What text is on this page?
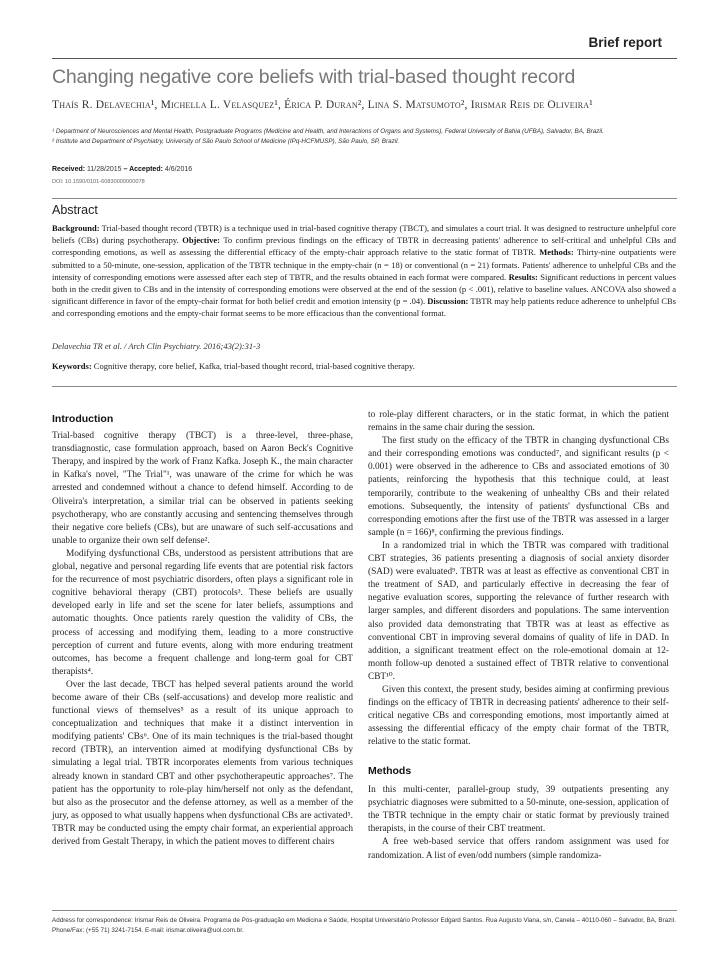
Brief report
Changing negative core beliefs with trial-based thought record
Thaís R. Delavechia¹, Michella L. Velasquez¹, Érica P. Duran², Lina S. Matsumoto², Irismar Reis de Oliveira¹
¹ Department of Neurosciences and Mental Health, Postgraduate Programs (Medicine and Health, and Interactions of Organs and Systems), Federal University of Bahia (UFBA), Salvador, BA, Brazil.
² Institute and Department of Psychiatry, University of São Paulo School of Medicine (IPq-HCFMUSP), São Paulo, SP, Brazil.
Received: 11/28/2015 – Accepted: 4/6/2016
DOI: 10.1590/0101-60830000000078
Abstract
Background: Trial-based thought record (TBTR) is a technique used in trial-based cognitive therapy (TBCT), and simulates a court trial. It was designed to restructure unhelpful core beliefs (CBs) during psychotherapy. Objective: To confirm previous findings on the efficacy of TBTR in decreasing patients' adherence to self-critical and unhelpful CBs and corresponding emotions, as well as assessing the differential efficacy of the empty-chair approach relative to the static format of TBTR. Methods: Thirty-nine outpatients were submitted to a 50-minute, one-session, application of the TBTR technique in the empty-chair (n = 18) or conventional (n = 21) formats. Patients' adherence to unhelpful CBs and the intensity of corresponding emotions were assessed after each step of TBTR, and the results obtained in each format were compared. Results: Significant reductions in percent values both in the credit given to CBs and in the intensity of corresponding emotions were observed at the end of the session (p < .001), relative to baseline values. ANCOVA also showed a significant difference in favor of the empty-chair format for both belief credit and emotion intensity (p = .04). Discussion: TBTR may help patients reduce adherence to unhelpful CBs and corresponding emotions and the empty-chair format seems to be more efficacious than the conventional format.
Delavechia TR et al. / Arch Clin Psychiatry. 2016;43(2):31-3
Keywords: Cognitive therapy, core belief, Kafka, trial-based thought record, trial-based cognitive therapy.
Introduction

Trial-based cognitive therapy (TBCT) is a three-level, three-phase, transdiagnostic, case formulation approach, based on Aaron Beck's Cognitive Therapy, and inspired by the work of Franz Kafka. Joseph K., the main character in Kafka's novel, "The Trial"¹, was unaware of the crime for which he was arrested and condemned without a chance to defend himself. According to de Oliveira's interpretation, a similar trial can be observed in patients seeking psychotherapy, who are constantly accusing and sentencing themselves through their negative core beliefs (CBs), but are unaware of such self-accusations and unable to organize their own self defense².

Modifying dysfunctional CBs, understood as persistent attributions that are global, negative and personal regarding life events that are potential risk factors for the recurrence of most psychiatric disorders, often plays a significant role in cognitive behavioral therapy (CBT) protocols³. These beliefs are usually developed early in life and set the scene for later beliefs, assumptions and automatic thoughts. Once patients rarely question the validity of CBs, the process of accessing and modifying them, leading to a more constructive perception of current and future events, along with more enduring treatment outcomes, has become a frequent challenge and long-term goal for CBT therapists⁴.

Over the last decade, TBCT has helped several patients around the world become aware of their CBs (self-accusations) and develop more realistic and functional views of themselves⁵ as a result of its unique approach to conceptualization and techniques that make it a distinct intervention in modifying patients' CBs⁶. One of its main techniques is the trial-based thought record (TBTR), an intervention aimed at modifying dysfunctional CBs by simulating a legal trial. TBTR incorporates elements from various techniques already known in standard CBT and other psychotherapeutic approaches⁷. The patient has the opportunity to role-play him/herself not only as the defendant, but also as the prosecutor and the defense attorney, as well as a member of the jury, as opposed to what usually happens when dysfunctional CBs are activated⁵. TBTR may be conducted using the empty chair format, an experiential approach derived from Gestalt Therapy, in which the patient moves to different chairs

to role-play different characters, or in the static format, in which the patient remains in the same chair during the session.

The first study on the efficacy of the TBTR in changing dysfunctional CBs and their corresponding emotions was conducted⁷, and significant results (p < 0.001) were observed in the adherence to CBs and associated emotions of 30 patients, reinforcing the hypothesis that this technique could, at least temporarily, contribute to the weakening of unhealthy CBs and their related emotions. Subsequently, the intensity of patients' dysfunctional CBs and corresponding emotions after the first use of the TBTR was assessed in a larger sample (n = 166)⁸, confirming the previous findings.

In a randomized trial in which the TBTR was compared with traditional CBT strategies, 36 patients presenting a diagnosis of social anxiety disorder (SAD) were evaluated⁹. TBTR was at least as effective as conventional CBT in the treatment of SAD, and particularly effective in decreasing the fear of negative evaluation scores, supporting the relevance of further research with larger samples, and different disorders and populations. The same intervention also provided data demonstrating that TBTR was at least as effective as conventional CBT in improving several domains of quality of life in DAD. In addition, a significant treatment effect on the role-emotional domain at 12-month follow-up denoted a sustained effect of TBTR relative to conventional CBT¹⁰.

Given this context, the present study, besides aiming at confirming previous findings on the efficacy of TBTR in decreasing patients' adherence to their self-critical negative CBs and corresponding emotions, most importantly aimed at assessing the differential efficacy of the empty chair format of the TBTR, relative to the static format.

Methods

In this multi-center, parallel-group study, 39 outpatients presenting any psychiatric diagnoses were submitted to a 50-minute, one-session, application of the TBTR technique in the empty chair or static format by previously trained therapists, in the course of their CBT treatment.

A free web-based service that offers random assignment was used for randomization. A list of even/odd numbers (simple randomiza-

Address for correspondence: Irismar Reis de Oliveira. Programa de Pós-graduação em Medicina e Saúde, Hospital Universitário Professor Edgard Santos. Rua Augusto Viana, s/n, Canela – 40110-060 – Salvador, BA, Brazil. Phone/Fax: (+55 71) 3241-7154. E-mail: irismar.oliveira@uol.com.br.
